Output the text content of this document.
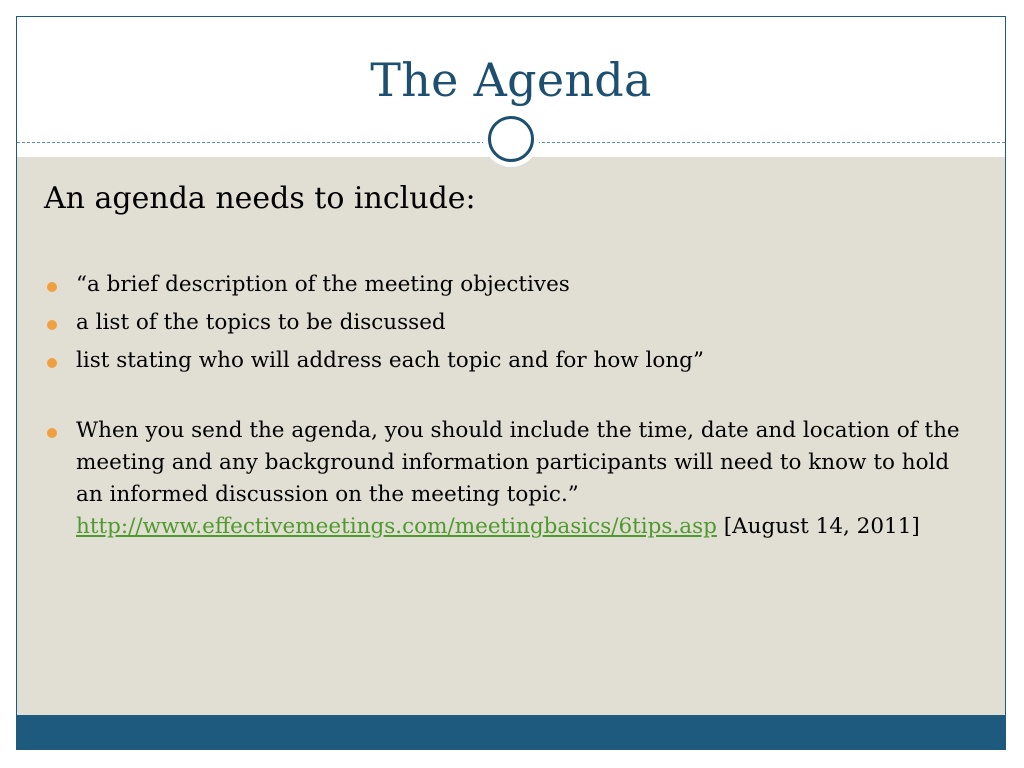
The Agenda
An agenda needs to include:
“a brief description of the meeting objectives
a list of the topics to be discussed
list stating who will address each topic and for how long”
When you send the agenda, you should include the time, date and location of the meeting and any background information participants will need to know to hold an informed discussion on the meeting topic.” http://www.effectivemeetings.com/meetingbasics/6tips.asp [August 14, 2011]
